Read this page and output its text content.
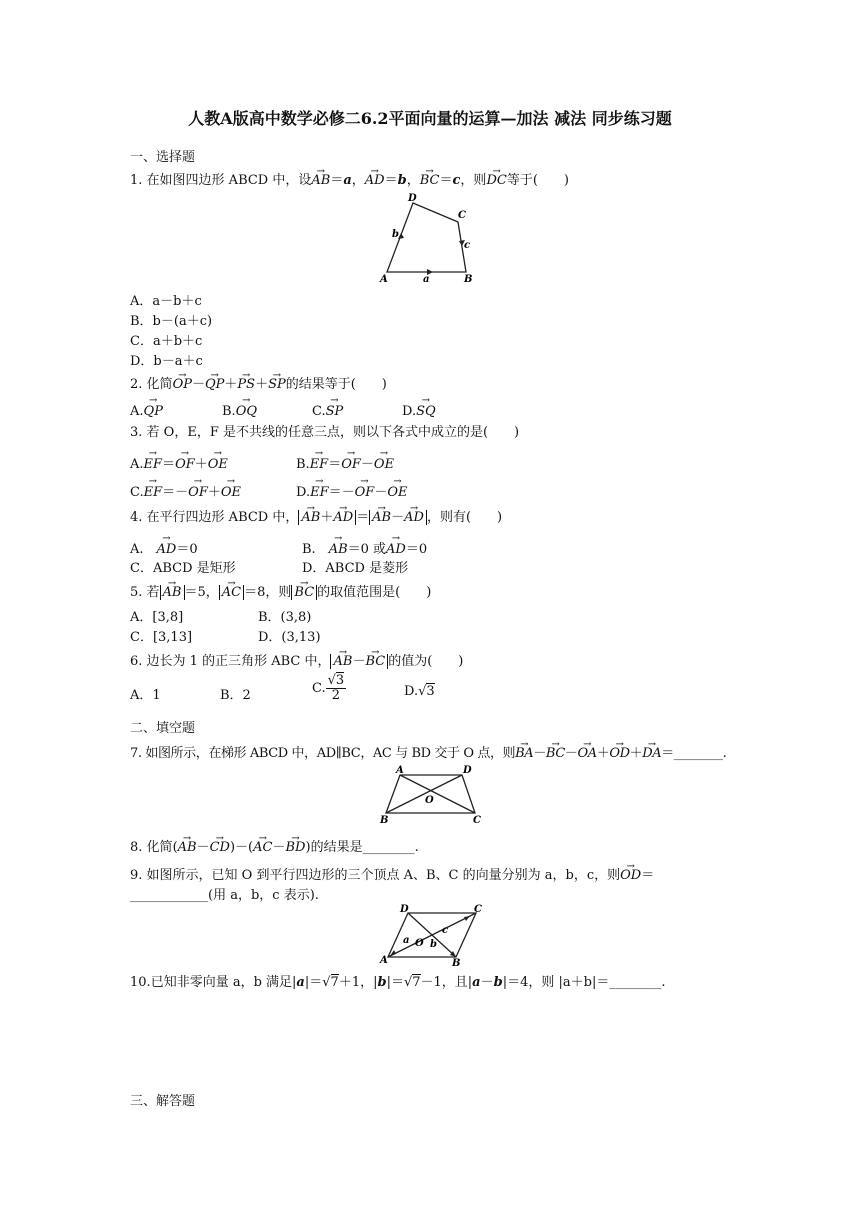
人教A版高中数学必修二6.2平面向量的运算—加法 减法 同步练习题
一、选择题
1. 在如图四边形 ABCD 中，设→ AB＝a，→ AD＝b，→ BC＝c，则→ DC等于(　　)
A	B
C
D
a
b
c
A．a－b＋c
B．b－(a＋c)
C．a＋b＋c
D．b－a＋c
2. 化简→ OP－→ QP＋→ PS＋→ SP的结果等于(　　)
A.→ QP	B.→ OQ	C.→ SP	D.→ SQ
3. 若 O，E，F 是不共线的任意三点，则以下各式中成立的是(　　)
A.→ EF＝→ OF＋→ OE	B.→ EF＝→ OF－→ OE
C.→ EF＝－→ OF＋→ OE	D.→ EF＝－→ OF－→ OE
4. 在平行四边形 ABCD 中， → AB＋→ AD ＝ → AB－→ AD ，则有(　　)
A.　→ AD＝0	B.　→ AB＝0 或→ AD＝0
C．ABCD 是矩形	D．ABCD 是菱形
5. 若 → AB ＝5， → AC ＝8，则 → BC 的取值范围是(　　)
A．[3,8]	B．(3,8)
C．[3,13]	D．(3,13)
6. 边长为 1 的正三角形 ABC 中， → AB－→ BC 的值为(　　)
A．1	B．2	C. $\frac{√3}{2}$	D.√3
二、填空题
7. 如图所示，在梯形 ABCD 中，AD∥BC，AC 与 BD 交于 O 点，则→ BA－→ BC－→ OA＋→ OD＋→ DA＝________.
A	D
B	C
O
8. 化简(→ AB－→ CD)－(→ AC－→ BD)的结果是________.
9. 如图所示，已知 O 到平行四边形的三个顶点 A、B、C 的向量分别为 a，b，c，则→ OD＝
____________(用 a，b，c 表示).
D	C
A	B
O
a b
c
10.已知非零向量 a，b 满足|a|＝√7＋1，|b|＝√7－1，且|a－b|＝4，则 |a＋b|＝________.
三、解答题
